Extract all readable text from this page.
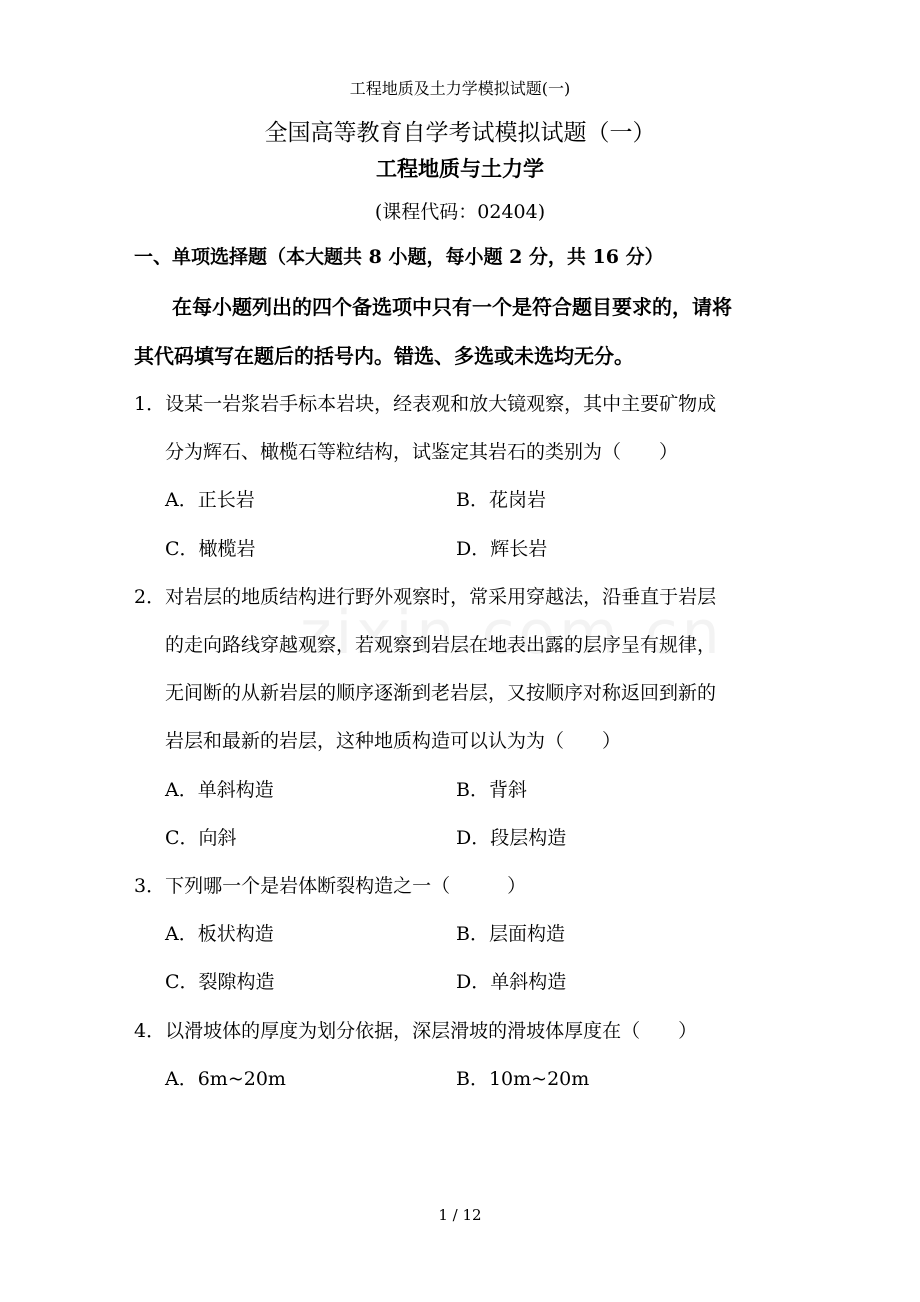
工程地质及土力学模拟试题(一)
全国高等教育自学考试模拟试题（一）
工程地质与土力学
(课程代码：02404)
一、单项选择题（本大题共 8 小题，每小题 2 分，共 16 分）
在每小题列出的四个备选项中只有一个是符合题目要求的，请将
其代码填写在题后的括号内。错选、多选或未选均无分。
1．设某一岩浆岩手标本岩块，经表观和放大镜观察，其中主要矿物成
分为辉石、橄榄石等粒结构，试鉴定其岩石的类别为（　　）
A．正长岩	B．花岗岩
C．橄榄岩	D．辉长岩
2．对岩层的地质结构进行野外观察时，常采用穿越法，沿垂直于岩层
的走向路线穿越观察，若观察到岩层在地表出露的层序呈有规律，
无间断的从新岩层的顺序逐渐到老岩层，又按顺序对称返回到新的
岩层和最新的岩层，这种地质构造可以认为为（　　）
A．单斜构造	B．背斜
C．向斜	D．段层构造
3．下列哪一个是岩体断裂构造之一（　　　）
A．板状构造	B．层面构造
C．裂隙构造	D．单斜构造
4．以滑坡体的厚度为划分依据，深层滑坡的滑坡体厚度在（　　）
A．6m~20m	B．10m~20m
1 / 12
